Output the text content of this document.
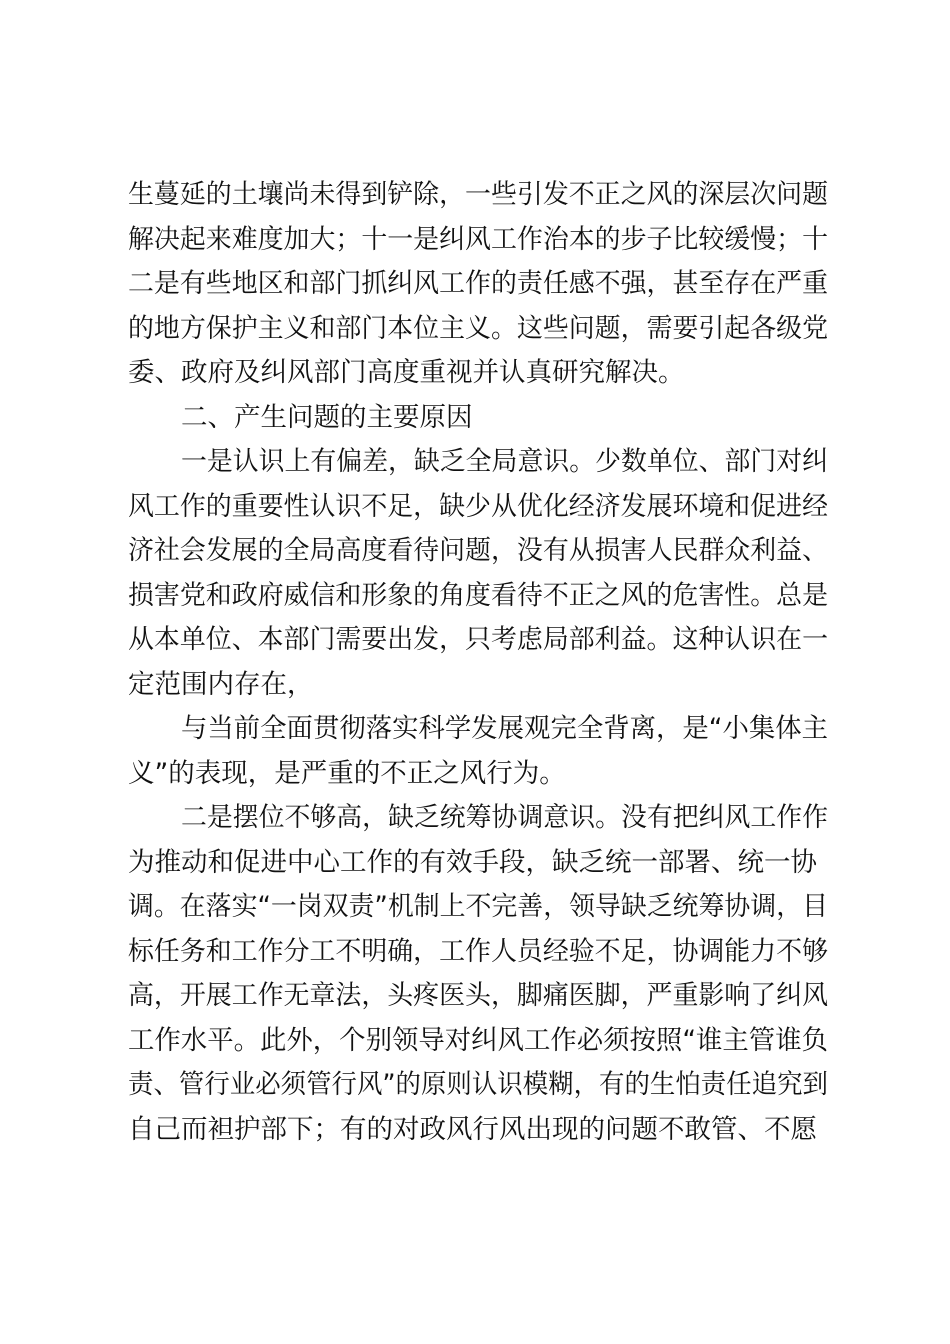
生蔓延的土壤尚未得到铲除，一些引发不正之风的深层次问题
解决起来难度加大；十一是纠风工作治本的步子比较缓慢；十
二是有些地区和部门抓纠风工作的责任感不强，甚至存在严重
的地方保护主义和部门本位主义。这些问题，需要引起各级党
委、政府及纠风部门高度重视并认真研究解决。
二、产生问题的主要原因
一是认识上有偏差，缺乏全局意识。少数单位、部门对纠
风工作的重要性认识不足，缺少从优化经济发展环境和促进经
济社会发展的全局高度看待问题，没有从损害人民群众利益、
损害党和政府威信和形象的角度看待不正之风的危害性。总是
从本单位、本部门需要出发，只考虑局部利益。这种认识在一
定范围内存在，
与当前全面贯彻落实科学发展观完全背离，是“小集体主
义”的表现，是严重的不正之风行为。
二是摆位不够高，缺乏统筹协调意识。没有把纠风工作作
为推动和促进中心工作的有效手段，缺乏统一部署、统一协
调。在落实“一岗双责”机制上不完善，领导缺乏统筹协调，目
标任务和工作分工不明确，工作人员经验不足，协调能力不够
高，开展工作无章法，头疼医头，脚痛医脚，严重影响了纠风
工作水平。此外，个别领导对纠风工作必须按照“谁主管谁负
责、管行业必须管行风”的原则认识模糊，有的生怕责任追究到
自己而袒护部下；有的对政风行风出现的问题不敢管、不愿
